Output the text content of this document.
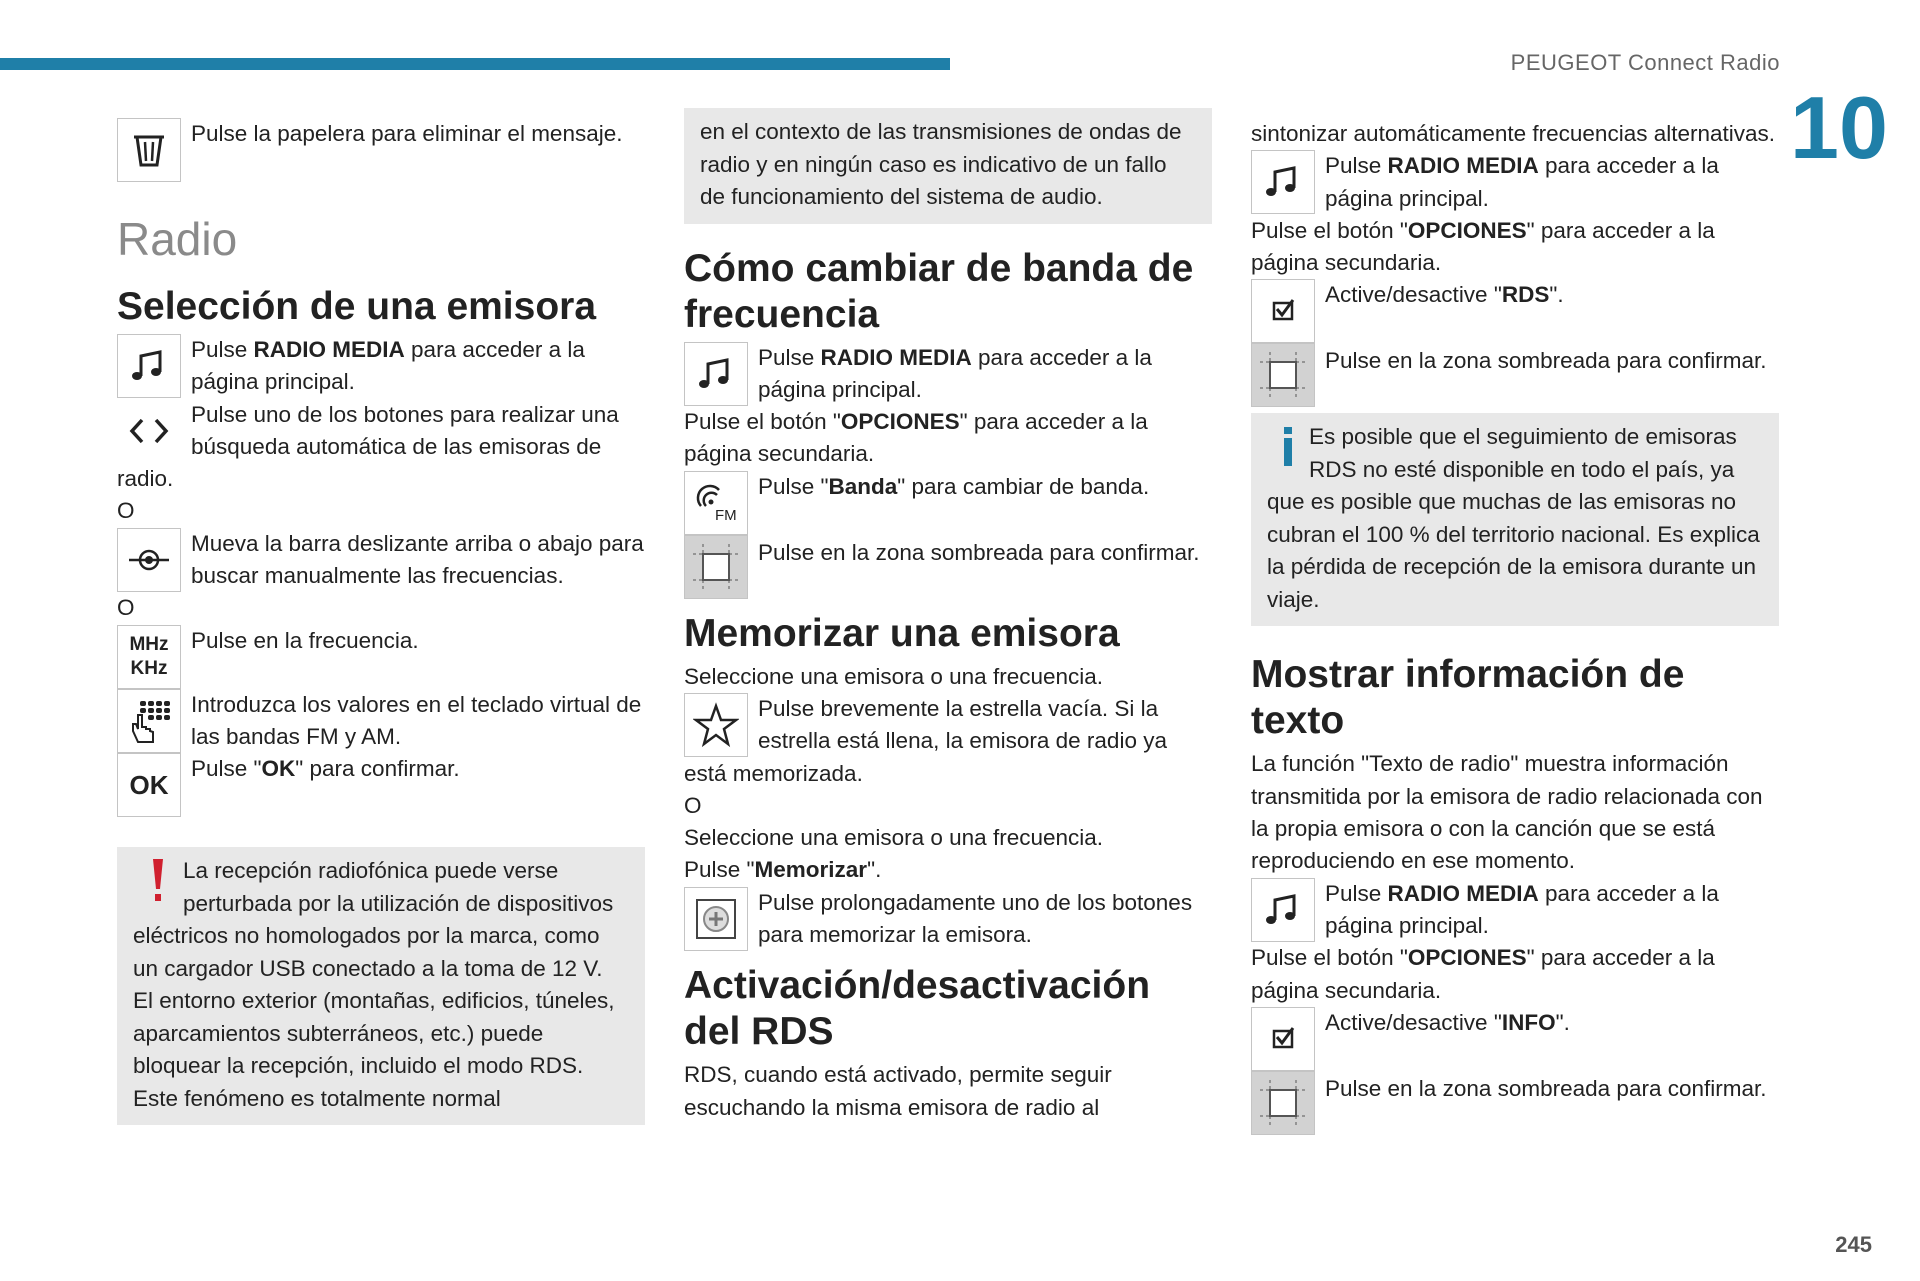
PEUGEOT Connect Radio
10
245

Pulse la papelera para eliminar el mensaje.

Radio
Selección de una emisora

Pulse RADIO MEDIA para acceder a la página principal.

Pulse uno de los botones para realizar una búsqueda automática de las emisoras de radio.

O

Mueva la barra deslizante arriba o abajo para buscar manualmente las frecuencias.

O

MHz
KHz

Pulse en la frecuencia.

Introduzca los valores en el teclado virtual de las bandas FM y AM.

OK

Pulse "OK" para confirmar.

La recepción radiofónica puede verse perturbada por la utilización de dispositivos eléctricos no homologados por la marca, como un cargador USB conectado a la toma de 12 V.

El entorno exterior (montañas, edificios, túneles, aparcamientos subterráneos, etc.) puede bloquear la recepción, incluido el modo RDS. Este fenómeno es totalmente normal

en el contexto de las transmisiones de ondas de radio y en ningún caso es indicativo de un fallo de funcionamiento del sistema de audio.

Cómo cambiar de banda de frecuencia

Pulse RADIO MEDIA para acceder a la página principal.

Pulse el botón "OPCIONES" para acceder a la página secundaria.

FM

Pulse "Banda" para cambiar de banda.

Pulse en la zona sombreada para confirmar.

Memorizar una emisora

Seleccione una emisora o una frecuencia.

Pulse brevemente la estrella vacía. Si la estrella está llena, la emisora de radio ya está memorizada.

O

Seleccione una emisora o una frecuencia.

Pulse "Memorizar".

Pulse prolongadamente uno de los botones para memorizar la emisora.

Activación/desactivación del RDS

RDS, cuando está activado, permite seguir escuchando la misma emisora de radio al

sintonizar automáticamente frecuencias alternativas.

Pulse RADIO MEDIA para acceder a la página principal.

Pulse el botón "OPCIONES" para acceder a la página secundaria.

Active/desactive "RDS".

Pulse en la zona sombreada para confirmar.

Es posible que el seguimiento de emisoras RDS no esté disponible en todo el país, ya que es posible que muchas de las emisoras no cubran el 100 % del territorio nacional. Es explica la pérdida de recepción de la emisora durante un viaje.

Mostrar información de texto

La función "Texto de radio" muestra información transmitida por la emisora de radio relacionada con la propia emisora o con la canción que se está reproduciendo en ese momento.

Pulse RADIO MEDIA para acceder a la página principal.

Pulse el botón "OPCIONES" para acceder a la página secundaria.

Active/desactive "INFO".

Pulse en la zona sombreada para confirmar.
